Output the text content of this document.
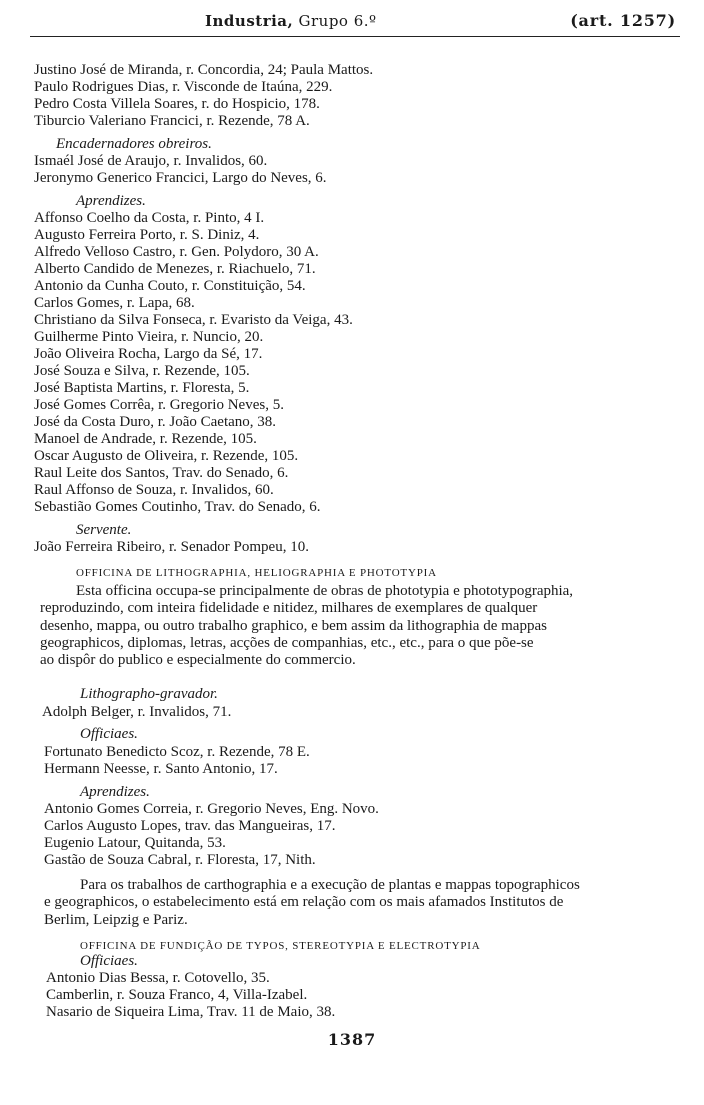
Industria, Grupo 6.º	(art. 1257)
Justino José de Miranda, r. Concordia, 24; Paula Mattos.
Paulo Rodrigues Dias, r. Visconde de Itaúna, 229.
Pedro Costa Villela Soares, r. do Hospicio, 178.
Tiburcio Valeriano Francici, r. Rezende, 78 A.
Encadernadores obreiros.
Ismaél José de Araujo, r. Invalidos, 60.
Jeronymo Generico Francici, Largo do Neves, 6.
Aprendizes.
Affonso Coelho da Costa, r. Pinto, 4 I.
Augusto Ferreira Porto, r. S. Diniz, 4.
Alfredo Velloso Castro, r. Gen. Polydoro, 30 A.
Alberto Candido de Menezes, r. Riachuelo, 71.
Antonio da Cunha Couto, r. Constituição, 54.
Carlos Gomes, r. Lapa, 68.
Christiano da Silva Fonseca, r. Evaristo da Veiga, 43.
Guilherme Pinto Vieira, r. Nuncio, 20.
João Oliveira Rocha, Largo da Sé, 17.
José Souza e Silva, r. Rezende, 105.
José Baptista Martins, r. Floresta, 5.
José Gomes Corrêa, r. Gregorio Neves, 5.
José da Costa Duro, r. João Caetano, 38.
Manoel de Andrade, r. Rezende, 105.
Oscar Augusto de Oliveira, r. Rezende, 105.
Raul Leite dos Santos, Trav. do Senado, 6.
Raul Affonso de Souza, r. Invalidos, 60.
Sebastião Gomes Coutinho, Trav. do Senado, 6.
Servente.
João Ferreira Ribeiro, r. Senador Pompeu, 10.
OFFICINA DE LITHOGRAPHIA, HELIOGRAPHIA E PHOTOTYPIA
Esta officina occupa-se principalmente de obras de phototypia e phototypographia,
reproduzindo, com inteira fidelidade e nitidez, milhares de exemplares de qualquer
desenho, mappa, ou outro trabalho graphico, e bem assim da lithographia de mappas
geographicos, diplomas, letras, acções de companhias, etc., etc., para o que põe-se
ao dispôr do publico e especialmente do commercio.
Lithographo-gravador.
Adolph Belger, r. Invalidos, 71.
Officiaes.
Fortunato Benedicto Scoz, r. Rezende, 78 E.
Hermann Neesse, r. Santo Antonio, 17.
Aprendizes.
Antonio Gomes Correia, r. Gregorio Neves, Eng. Novo.
Carlos Augusto Lopes, trav. das Mangueiras, 17.
Eugenio Latour, Quitanda, 53.
Gastão de Souza Cabral, r. Floresta, 17, Nith.
Para os trabalhos de carthographia e a execução de plantas e mappas topographicos
e geographicos, o estabelecimento está em relação com os mais afamados Institutos de
Berlim, Leipzig e Pariz.
OFFICINA DE FUNDIÇÃO DE TYPOS, STEREOTYPIA E ELECTROTYPIA
Officiaes.
Antonio Dias Bessa, r. Cotovello, 35.
Camberlin, r. Souza Franco, 4, Villa-Izabel.
Nasario de Siqueira Lima, Trav. 11 de Maio, 38.
1387
